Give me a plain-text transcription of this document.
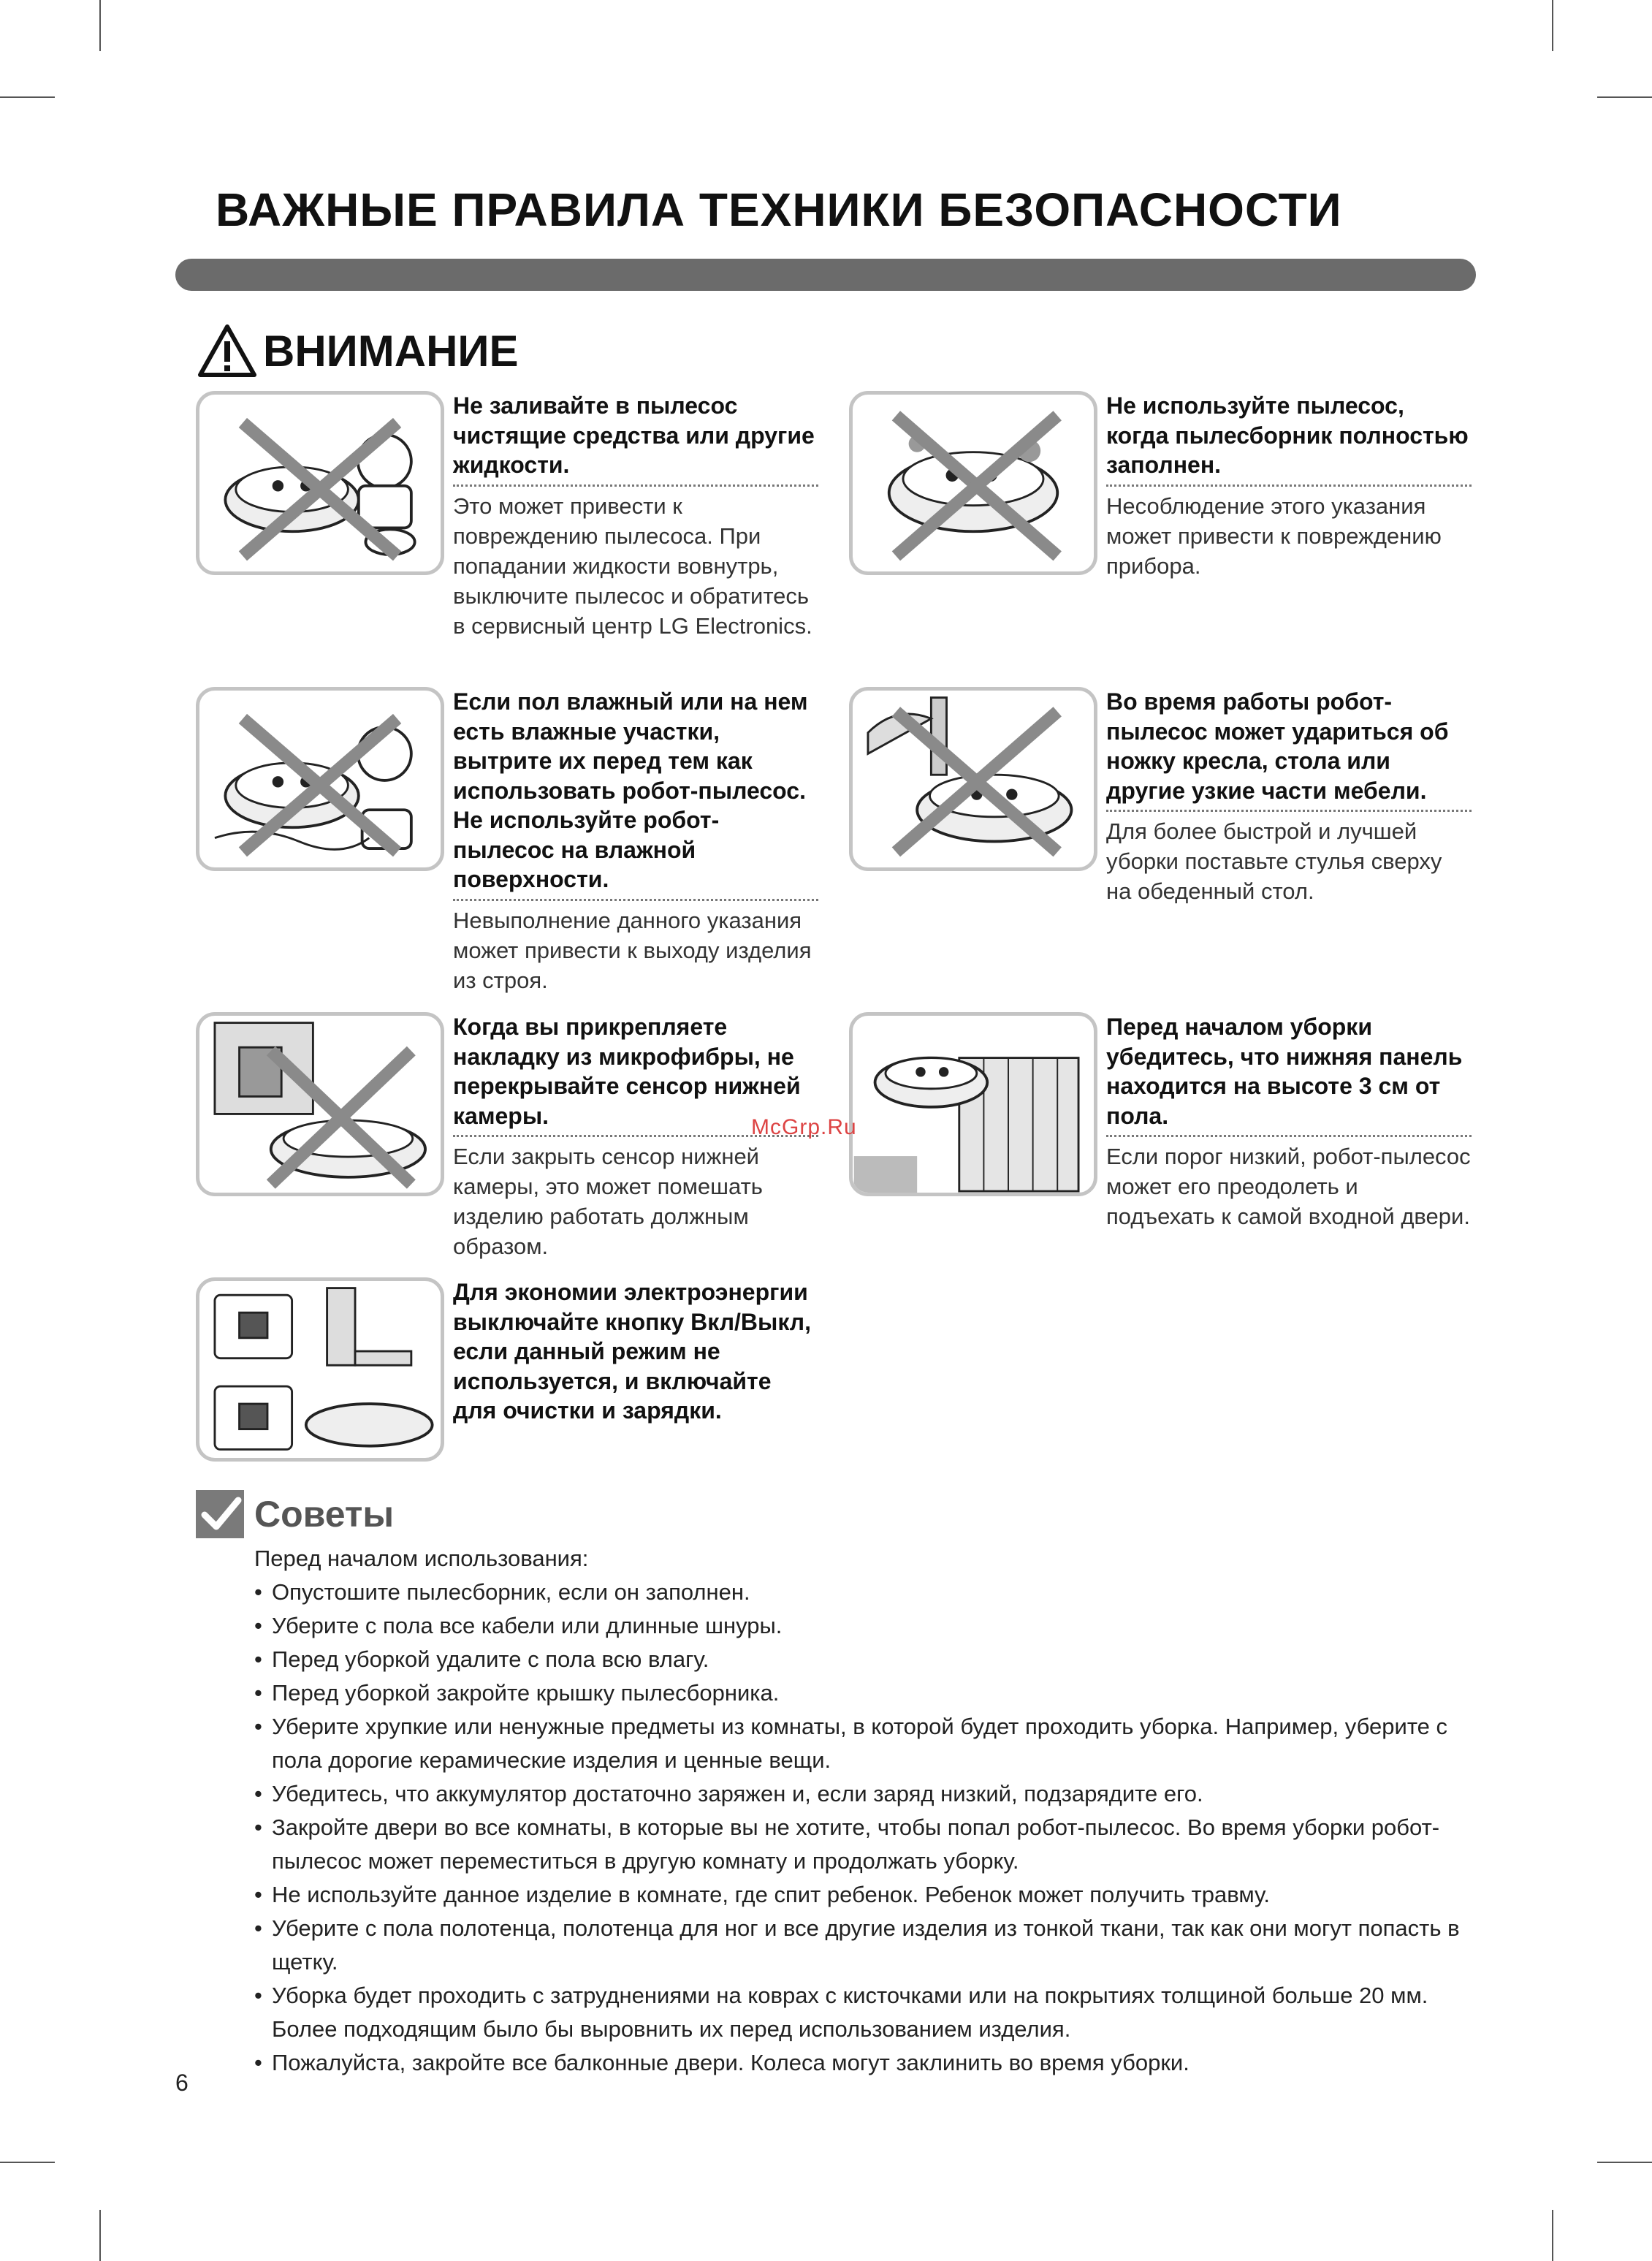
ВАЖНЫЕ ПРАВИЛА ТЕХНИКИ БЕЗОПАСНОСТИ
ВНИМАНИЕ
Не заливайте в пылесос чистящие средства или другие жидкости.
Это может привести к повреждению пылесоса. При попадании жидкости вовнутрь, выключите пылесос и обратитесь в сервисный центр LG Electronics.
Не используйте пылесос, когда пылесборник полностью заполнен.
Несоблюдение этого указания может привести к повреждению прибора.
Если пол влажный или на нем есть влажные участки, вытрите их перед тем как использовать робот-пылесос. Не используйте робот-пылесос на влажной поверхности.
Невыполнение данного указания может привести к выходу изделия из строя.
Во время работы робот-пылесос может удариться об ножку кресла, стола или другие узкие части мебели.
Для более быстрой и лучшей уборки поставьте стулья сверху на обеденный стол.
Когда вы прикрепляете накладку из микрофибры, не перекрывайте сенсор нижней камеры.
Если закрыть сенсор нижней камеры, это может помешать изделию работать должным образом.
Перед началом уборки убедитесь, что нижняя панель находится на высоте 3 см от пола.
Если порог низкий, робот-пылесос может его преодолеть и подъехать к самой входной двери.
Для экономии электроэнергии выключайте кнопку Вкл/Выкл, если данный режим не используется, и включайте для очистки и зарядки.
McGrp.Ru
Советы

Перед началом использования:

• Опустошите пылесборник, если он заполнен.
• Уберите с пола все кабели или длинные шнуры.
• Перед уборкой удалите с пола всю влагу.
• Перед уборкой закройте крышку пылесборника.
• Уберите хрупкие или ненужные предметы из комнаты, в которой будет проходить уборка. Например, уберите с пола дорогие керамические изделия и ценные вещи.
• Убедитесь, что аккумулятор достаточно заряжен и, если заряд низкий, подзарядите его.
• Закройте двери во все комнаты, в которые вы не хотите, чтобы попал робот-пылесос. Во время уборки робот-пылесос может переместиться в другую комнату и продолжать уборку.
• Не используйте данное изделие в комнате, где спит ребенок. Ребенок может получить травму.
• Уберите с пола полотенца, полотенца для ног и все другие изделия из тонкой ткани, так как они могут попасть в щетку.
• Уборка будет проходить с затруднениями на коврах с кисточками или на покрытиях толщиной больше 20 мм. Более подходящим было бы выровнить их перед использованием изделия.
• Пожалуйста, закройте все балконные двери. Колеса могут заклинить во время уборки.
6
